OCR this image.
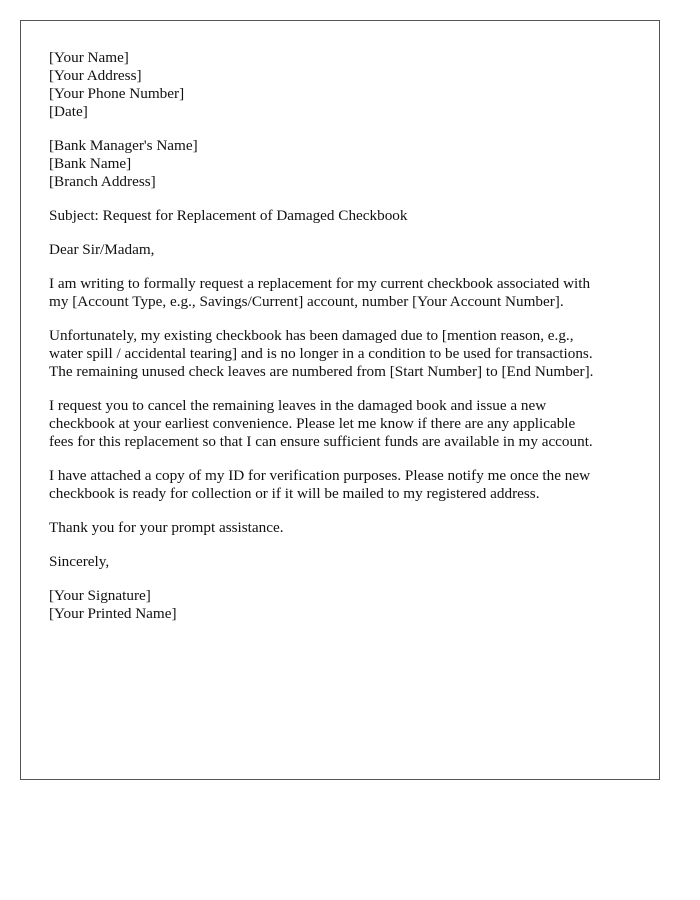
[Your Name]
[Your Address]
[Your Phone Number]
[Date]
[Bank Manager's Name]
[Bank Name]
[Branch Address]
Subject: Request for Replacement of Damaged Checkbook
Dear Sir/Madam,
I am writing to formally request a replacement for my current checkbook associated with
my [Account Type, e.g., Savings/Current] account, number [Your Account Number].
Unfortunately, my existing checkbook has been damaged due to [mention reason, e.g.,
water spill / accidental tearing] and is no longer in a condition to be used for transactions.
The remaining unused check leaves are numbered from [Start Number] to [End Number].
I request you to cancel the remaining leaves in the damaged book and issue a new
checkbook at your earliest convenience. Please let me know if there are any applicable
fees for this replacement so that I can ensure sufficient funds are available in my account.
I have attached a copy of my ID for verification purposes. Please notify me once the new
checkbook is ready for collection or if it will be mailed to my registered address.
Thank you for your prompt assistance.
Sincerely,
[Your Signature]
[Your Printed Name]
